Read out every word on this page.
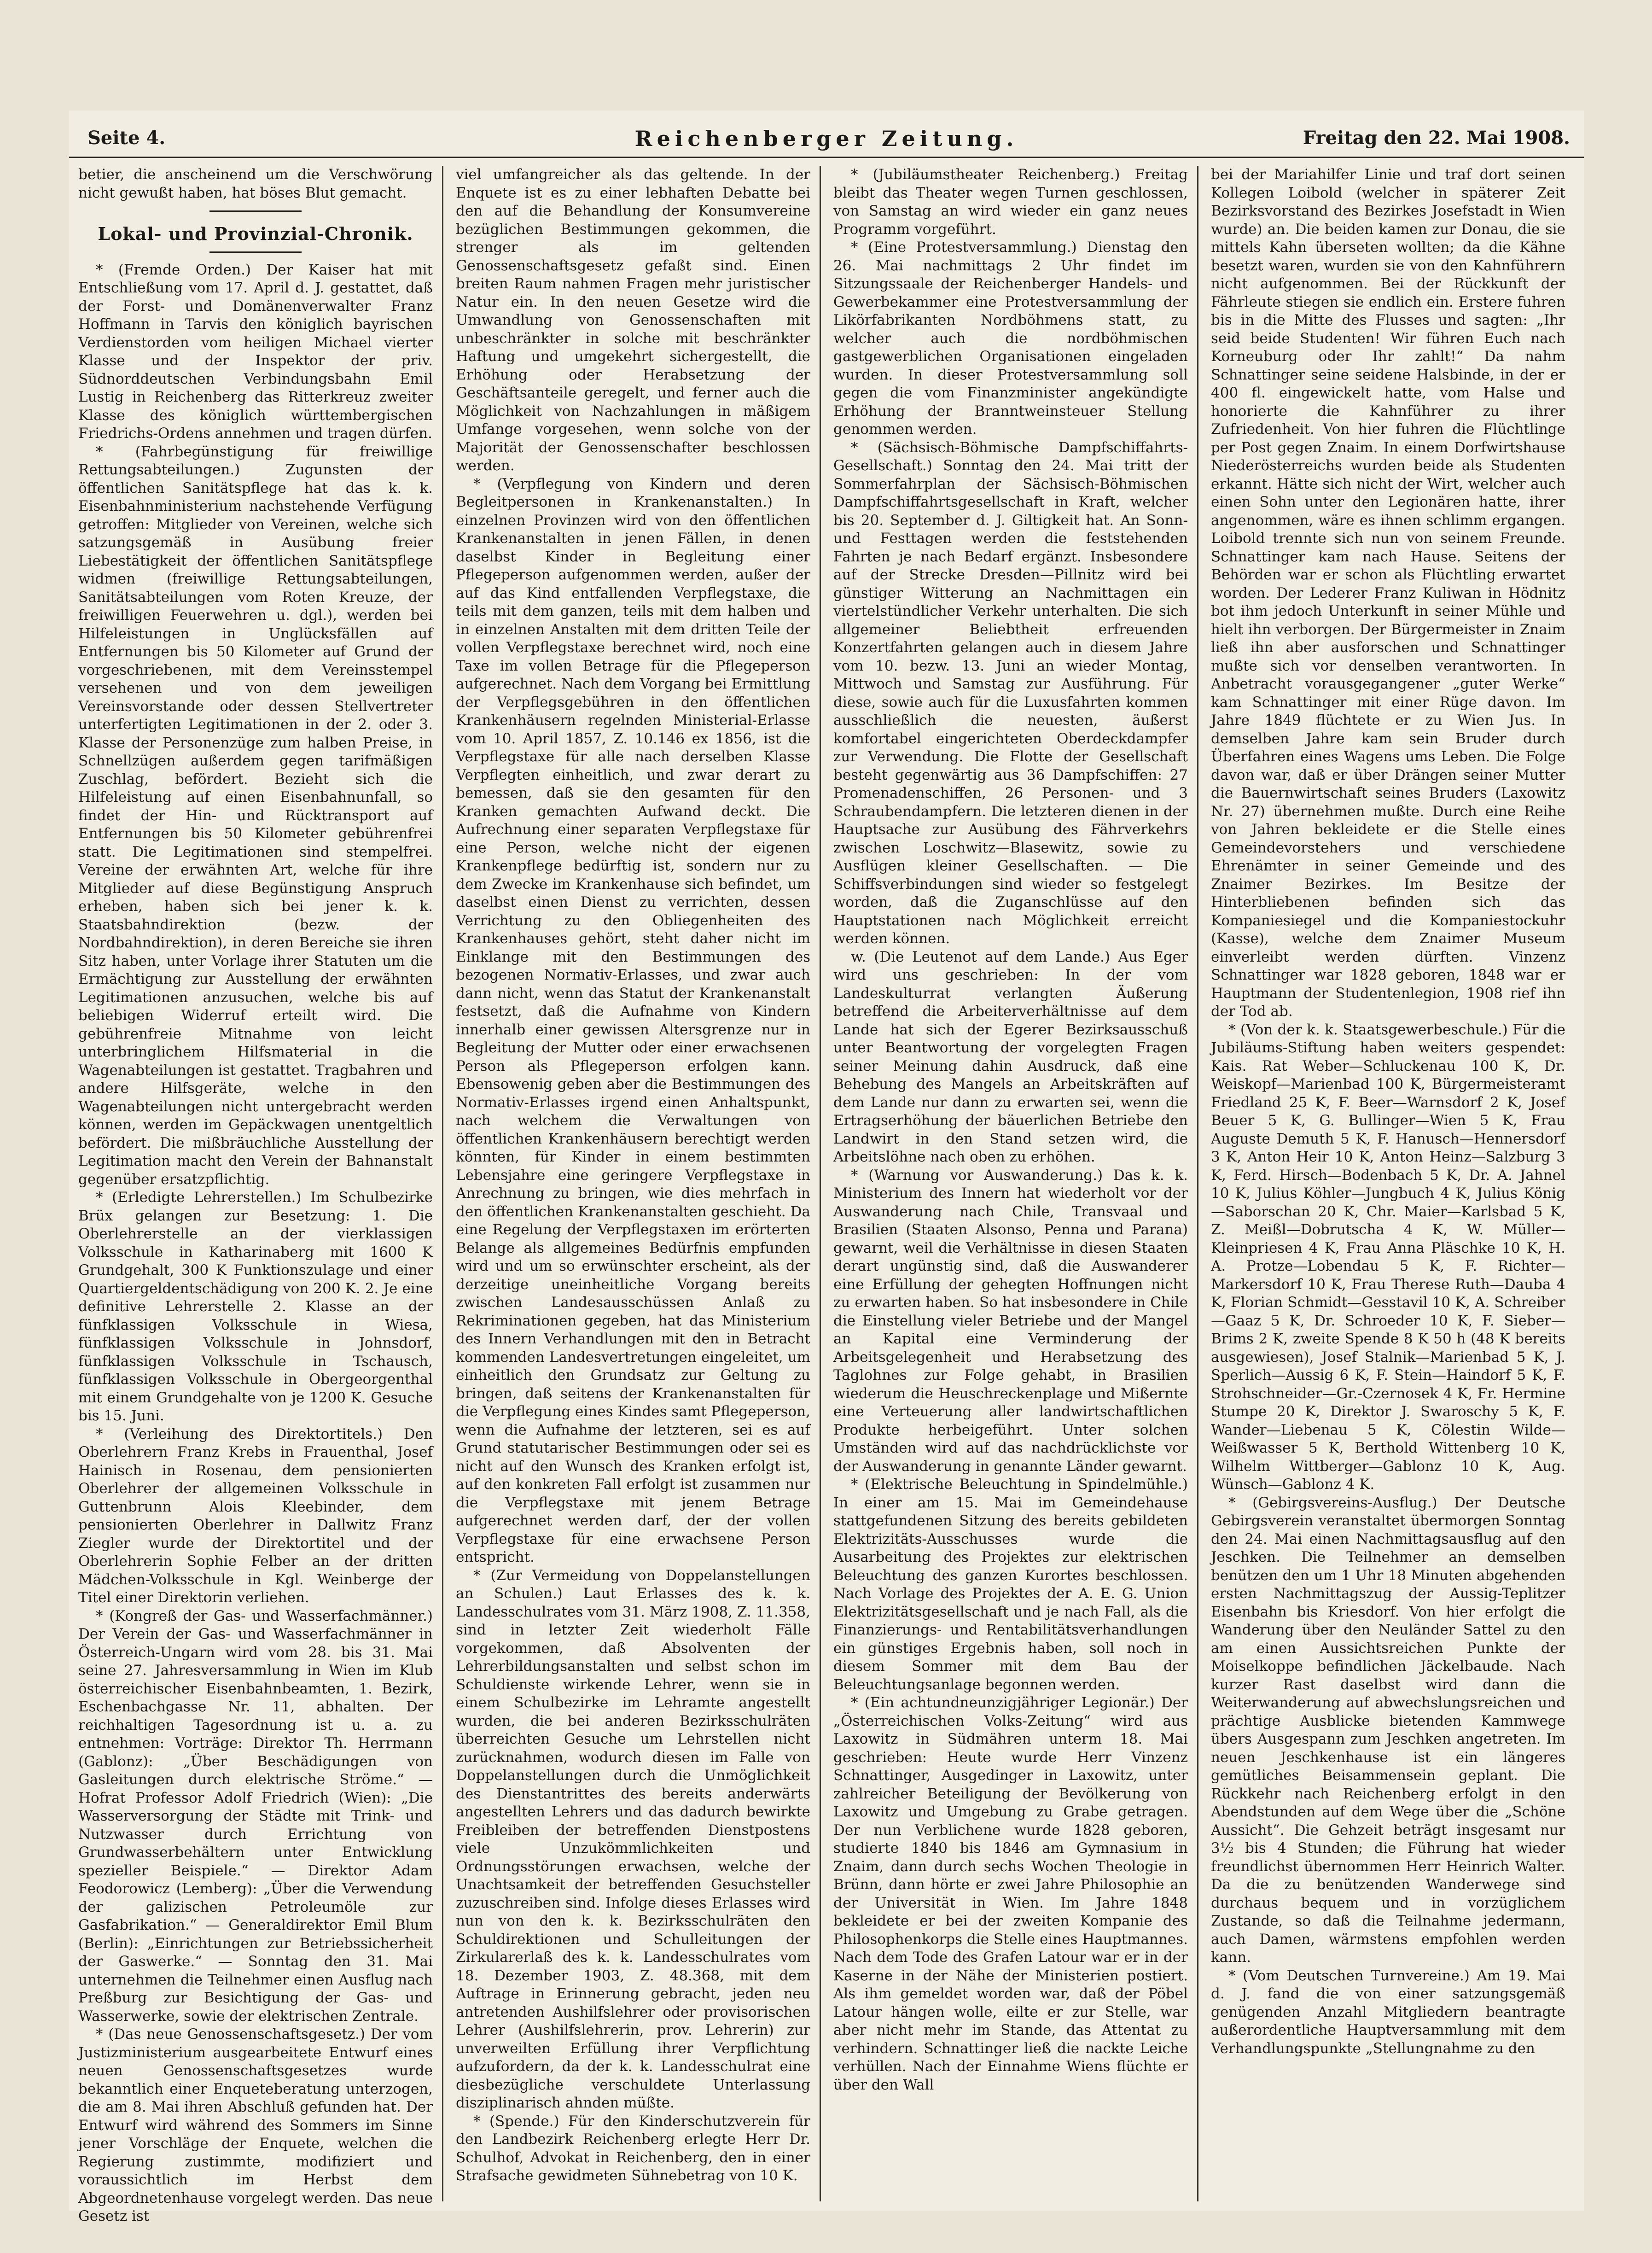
Seite 4.	Reichenberger Zeitung.	Freitag den 22. Mai 1908.

betier, die anscheinend um die Verschwörung nicht gewußt haben, hat böses Blut gemacht.

Lokal- und Provinzial-Chronik.

* (Fremde Orden.) Der Kaiser hat mit Entschließung vom 17. April d. J. gestattet, daß der Forst- und Domänenverwalter Franz Hoffmann in Tarvis den königlich bayrischen Verdienstorden vom heiligen Michael vierter Klasse und der Inspektor der priv. Südnorddeutschen Verbindungsbahn Emil Lustig in Reichenberg das Ritterkreuz zweiter Klasse des königlich württembergischen Friedrichs-Ordens annehmen und tragen dürfen.

* (Fahrbegünstigung für freiwillige Rettungsabteilungen.) Zugunsten der öffentlichen Sanitätspflege hat das k. k. Eisenbahnministerium nachstehende Verfügung getroffen: Mitglieder von Vereinen, welche sich satzungsgemäß in Ausübung freier Liebestätigkeit der öffentlichen Sanitätspflege widmen (freiwillige Rettungsabteilungen, Sanitätsabteilungen vom Roten Kreuze, der freiwilligen Feuerwehren u. dgl.), werden bei Hilfeleistungen in Unglücksfällen auf Entfernungen bis 50 Kilometer auf Grund der vorgeschriebenen, mit dem Vereinsstempel versehenen und von dem jeweiligen Vereinsvorstande oder dessen Stellvertreter unterfertigten Legitimationen in der 2. oder 3. Klasse der Personenzüge zum halben Preise, in Schnellzügen außerdem gegen tarifmäßigen Zuschlag, befördert. Bezieht sich die Hilfeleistung auf einen Eisenbahnunfall, so findet der Hin- und Rücktransport auf Entfernungen bis 50 Kilometer gebührenfrei statt. Die Legitimationen sind stempelfrei. Vereine der erwähnten Art, welche für ihre Mitglieder auf diese Begünstigung Anspruch erheben, haben sich bei jener k. k. Staatsbahndirektion (bezw. der Nordbahndirektion), in deren Bereiche sie ihren Sitz haben, unter Vorlage ihrer Statuten um die Ermächtigung zur Ausstellung der erwähnten Legitimationen anzusuchen, welche bis auf beliebigen Widerruf erteilt wird. Die gebührenfreie Mitnahme von leicht unterbringlichem Hilfsmaterial in die Wagenabteilungen ist gestattet. Tragbahren und andere Hilfsgeräte, welche in den Wagenabteilungen nicht untergebracht werden können, werden im Gepäckwagen unentgeltlich befördert. Die mißbräuchliche Ausstellung der Legitimation macht den Verein der Bahnanstalt gegenüber ersatzpflichtig.

* (Erledigte Lehrerstellen.) Im Schulbezirke Brüx gelangen zur Besetzung: 1. Die Oberlehrerstelle an der vierklassigen Volksschule in Katharinaberg mit 1600 K Grundgehalt, 300 K Funktionszulage und einer Quartiergeldentschädigung von 200 K. 2. Je eine definitive Lehrerstelle 2. Klasse an der fünfklassigen Volksschule in Wiesa, fünfklassigen Volksschule in Johnsdorf, fünfklassigen Volksschule in Tschausch, fünfklassigen Volksschule in Obergeorgenthal mit einem Grundgehalte von je 1200 K. Gesuche bis 15. Juni.

* (Verleihung des Direktortitels.) Den Oberlehrern Franz Krebs in Frauenthal, Josef Hainisch in Rosenau, dem pensionierten Oberlehrer der allgemeinen Volksschule in Guttenbrunn Alois Kleebinder, dem pensionierten Oberlehrer in Dallwitz Franz Ziegler wurde der Direktortitel und der Oberlehrerin Sophie Felber an der dritten Mädchen-Volksschule in Kgl. Weinberge der Titel einer Direktorin verliehen.

* (Kongreß der Gas- und Wasserfachmänner.) Der Verein der Gas- und Wasserfachmänner in Österreich-Ungarn wird vom 28. bis 31. Mai seine 27. Jahresversammlung in Wien im Klub österreichischer Eisenbahnbeamten, 1. Bezirk, Eschenbachgasse Nr. 11, abhalten. Der reichhaltigen Tagesordnung ist u. a. zu entnehmen: Vorträge: Direktor Th. Herrmann (Gablonz): „Über Beschädigungen von Gasleitungen durch elektrische Ströme.“ — Hofrat Professor Adolf Friedrich (Wien): „Die Wasserversorgung der Städte mit Trink- und Nutzwasser durch Errichtung von Grundwasserbehältern unter Entwicklung spezieller Beispiele.“ — Direktor Adam Feodorowicz (Lemberg): „Über die Verwendung der galizischen Petroleumöle zur Gasfabrikation.“ — Generaldirektor Emil Blum (Berlin): „Einrichtungen zur Betriebssicherheit der Gaswerke.“ — Sonntag den 31. Mai unternehmen die Teilnehmer einen Ausflug nach Preßburg zur Besichtigung der Gas- und Wasserwerke, sowie der elektrischen Zentrale.

* (Das neue Genossenschaftsgesetz.) Der vom Justizministerium ausgearbeitete Entwurf eines neuen Genossenschaftsgesetzes wurde bekanntlich einer Enqueteberatung unterzogen, die am 8. Mai ihren Abschluß gefunden hat. Der Entwurf wird während des Sommers im Sinne jener Vorschläge der Enquete, welchen die Regierung zustimmte, modifiziert und voraussichtlich im Herbst dem Abgeordnetenhause vorgelegt werden. Das neue Gesetz ist

viel umfangreicher als das geltende. In der Enquete ist es zu einer lebhaften Debatte bei den auf die Behandlung der Konsumvereine bezüglichen Bestimmungen gekommen, die strenger als im geltenden Genossenschaftsgesetz gefaßt sind. Einen breiten Raum nahmen Fragen mehr juristischer Natur ein. In den neuen Gesetze wird die Umwandlung von Genossenschaften mit unbeschränkter in solche mit beschränkter Haftung und umgekehrt sichergestellt, die Erhöhung oder Herabsetzung der Geschäftsanteile geregelt, und ferner auch die Möglichkeit von Nachzahlungen in mäßigem Umfange vorgesehen, wenn solche von der Majorität der Genossenschafter beschlossen werden.

* (Verpflegung von Kindern und deren Begleitpersonen in Krankenanstalten.) In einzelnen Provinzen wird von den öffentlichen Krankenanstalten in jenen Fällen, in denen daselbst Kinder in Begleitung einer Pflegeperson aufgenommen werden, außer der auf das Kind entfallenden Verpflegstaxe, die teils mit dem ganzen, teils mit dem halben und in einzelnen Anstalten mit dem dritten Teile der vollen Verpflegstaxe berechnet wird, noch eine Taxe im vollen Betrage für die Pflegeperson aufgerechnet. Nach dem Vorgang bei Ermittlung der Verpflegsgebühren in den öffentlichen Krankenhäusern regelnden Ministerial-Erlasse vom 10. April 1857, Z. 10.146 ex 1856, ist die Verpflegstaxe für alle nach derselben Klasse Verpflegten einheitlich, und zwar derart zu bemessen, daß sie den gesamten für den Kranken gemachten Aufwand deckt. Die Aufrechnung einer separaten Verpflegstaxe für eine Person, welche nicht der eigenen Krankenpflege bedürftig ist, sondern nur zu dem Zwecke im Krankenhause sich befindet, um daselbst einen Dienst zu verrichten, dessen Verrichtung zu den Obliegenheiten des Krankenhauses gehört, steht daher nicht im Einklange mit den Bestimmungen des bezogenen Normativ-Erlasses, und zwar auch dann nicht, wenn das Statut der Krankenanstalt festsetzt, daß die Aufnahme von Kindern innerhalb einer gewissen Altersgrenze nur in Begleitung der Mutter oder einer erwachsenen Person als Pflegeperson erfolgen kann. Ebensowenig geben aber die Bestimmungen des Normativ-Erlasses irgend einen Anhaltspunkt, nach welchem die Verwaltungen von öffentlichen Krankenhäusern berechtigt werden könnten, für Kinder in einem bestimmten Lebensjahre eine geringere Verpflegstaxe in Anrechnung zu bringen, wie dies mehrfach in den öffentlichen Krankenanstalten geschieht. Da eine Regelung der Verpflegstaxen im erörterten Belange als allgemeines Bedürfnis empfunden wird und um so erwünschter erscheint, als der derzeitige uneinheitliche Vorgang bereits zwischen Landesausschüssen Anlaß zu Rekriminationen gegeben, hat das Ministerium des Innern Verhandlungen mit den in Betracht kommenden Landesvertretungen eingeleitet, um einheitlich den Grundsatz zur Geltung zu bringen, daß seitens der Krankenanstalten für die Verpflegung eines Kindes samt Pflegeperson, wenn die Aufnahme der letzteren, sei es auf Grund statutarischer Bestimmungen oder sei es nicht auf den Wunsch des Kranken erfolgt ist, auf den konkreten Fall erfolgt ist zusammen nur die Verpflegstaxe mit jenem Betrage aufgerechnet werden darf, der der vollen Verpflegstaxe für eine erwachsene Person entspricht.

* (Zur Vermeidung von Doppelanstellungen an Schulen.) Laut Erlasses des k. k. Landesschulrates vom 31. März 1908, Z. 11.358, sind in letzter Zeit wiederholt Fälle vorgekommen, daß Absolventen der Lehrerbildungsanstalten und selbst schon im Schuldienste wirkende Lehrer, wenn sie in einem Schulbezirke im Lehramte angestellt wurden, die bei anderen Bezirksschulräten überreichten Gesuche um Lehrstellen nicht zurücknahmen, wodurch diesen im Falle von Doppelanstellungen durch die Unmöglichkeit des Dienstantrittes des bereits anderwärts angestellten Lehrers und das dadurch bewirkte Freibleiben der betreffenden Dienstpostens viele Unzukömmlichkeiten und Ordnungsstörungen erwachsen, welche der Unachtsamkeit der betreffenden Gesuchsteller zuzuschreiben sind. Infolge dieses Erlasses wird nun von den k. k. Bezirksschulräten den Schuldirektionen und Schulleitungen der Zirkularerlaß des k. k. Landesschulrates vom 18. Dezember 1903, Z. 48.368, mit dem Auftrage in Erinnerung gebracht, jeden neu antretenden Aushilfslehrer oder provisorischen Lehrer (Aushilfslehrerin, prov. Lehrerin) zur unverweilten Erfüllung ihrer Verpflichtung aufzufordern, da der k. k. Landesschulrat eine diesbezügliche verschuldete Unterlassung disziplinarisch ahnden müßte.

* (Spende.) Für den Kinderschutzverein für den Landbezirk Reichenberg erlegte Herr Dr. Schulhof, Advokat in Reichenberg, den in einer Strafsache gewidmeten Sühnebetrag von 10 K.

* (Jubiläumstheater Reichenberg.) Freitag bleibt das Theater wegen Turnen geschlossen, von Samstag an wird wieder ein ganz neues Programm vorgeführt.

* (Eine Protestversammlung.) Dienstag den 26. Mai nachmittags 2 Uhr findet im Sitzungssaale der Reichenberger Handels- und Gewerbekammer eine Protestversammlung der Likörfabrikanten Nordböhmens statt, zu welcher auch die nordböhmischen gastgewerblichen Organisationen eingeladen wurden. In dieser Protestversammlung soll gegen die vom Finanzminister angekündigte Erhöhung der Branntweinsteuer Stellung genommen werden.

* (Sächsisch-Böhmische Dampfschiffahrts-Gesellschaft.) Sonntag den 24. Mai tritt der Sommerfahrplan der Sächsisch-Böhmischen Dampfschiffahrtsgesellschaft in Kraft, welcher bis 20. September d. J. Giltigkeit hat. An Sonn- und Festtagen werden die feststehenden Fahrten je nach Bedarf ergänzt. Insbesondere auf der Strecke Dresden—Pillnitz wird bei günstiger Witterung an Nachmittagen ein viertelstündlicher Verkehr unterhalten. Die sich allgemeiner Beliebtheit erfreuenden Konzertfahrten gelangen auch in diesem Jahre vom 10. bezw. 13. Juni an wieder Montag, Mittwoch und Samstag zur Ausführung. Für diese, sowie auch für die Luxusfahrten kommen ausschließlich die neuesten, äußerst komfortabel eingerichteten Oberdeckdampfer zur Verwendung. Die Flotte der Gesellschaft besteht gegenwärtig aus 36 Dampfschiffen: 27 Promenadenschiffen, 26 Personen- und 3 Schraubendampfern. Die letzteren dienen in der Hauptsache zur Ausübung des Fährverkehrs zwischen Loschwitz—Blasewitz, sowie zu Ausflügen kleiner Gesellschaften. — Die Schiffsverbindungen sind wieder so festgelegt worden, daß die Zuganschlüsse auf den Hauptstationen nach Möglichkeit erreicht werden können.

w. (Die Leutenot auf dem Lande.) Aus Eger wird uns geschrieben: In der vom Landeskulturrat verlangten Äußerung betreffend die Arbeiterverhältnisse auf dem Lande hat sich der Egerer Bezirksausschuß unter Beantwortung der vorgelegten Fragen seiner Meinung dahin Ausdruck, daß eine Behebung des Mangels an Arbeitskräften auf dem Lande nur dann zu erwarten sei, wenn die Ertragserhöhung der bäuerlichen Betriebe den Landwirt in den Stand setzen wird, die Arbeitslöhne nach oben zu erhöhen.

* (Warnung vor Auswanderung.) Das k. k. Ministerium des Innern hat wiederholt vor der Auswanderung nach Chile, Transvaal und Brasilien (Staaten Alsonso, Penna und Parana) gewarnt, weil die Verhältnisse in diesen Staaten derart ungünstig sind, daß die Auswanderer eine Erfüllung der gehegten Hoffnungen nicht zu erwarten haben. So hat insbesondere in Chile die Einstellung vieler Betriebe und der Mangel an Kapital eine Verminderung der Arbeitsgelegenheit und Herabsetzung des Taglohnes zur Folge gehabt, in Brasilien wiederum die Heuschreckenplage und Mißernte eine Verteuerung aller landwirtschaftlichen Produkte herbeigeführt. Unter solchen Umständen wird auf das nachdrücklichste vor der Auswanderung in genannte Länder gewarnt.

* (Elektrische Beleuchtung in Spindelmühle.) In einer am 15. Mai im Gemeindehause stattgefundenen Sitzung des bereits gebildeten Elektrizitäts-Ausschusses wurde die Ausarbeitung des Projektes zur elektrischen Beleuchtung des ganzen Kurortes beschlossen. Nach Vorlage des Projektes der A. E. G. Union Elektrizitätsgesellschaft und je nach Fall, als die Finanzierungs- und Rentabilitätsverhandlungen ein günstiges Ergebnis haben, soll noch in diesem Sommer mit dem Bau der Beleuchtungsanlage begonnen werden.

* (Ein achtundneunzigjähriger Legionär.) Der „Österreichischen Volks-Zeitung“ wird aus Laxowitz in Südmähren unterm 18. Mai geschrieben: Heute wurde Herr Vinzenz Schnattinger, Ausgedinger in Laxowitz, unter zahlreicher Beteiligung der Bevölkerung von Laxowitz und Umgebung zu Grabe getragen. Der nun Verblichene wurde 1828 geboren, studierte 1840 bis 1846 am Gymnasium in Znaim, dann durch sechs Wochen Theologie in Brünn, dann hörte er zwei Jahre Philosophie an der Universität in Wien. Im Jahre 1848 bekleidete er bei der zweiten Kompanie des Philosophenkorps die Stelle eines Hauptmannes. Nach dem Tode des Grafen Latour war er in der Kaserne in der Nähe der Ministerien postiert. Als ihm gemeldet worden war, daß der Pöbel Latour hängen wolle, eilte er zur Stelle, war aber nicht mehr im Stande, das Attentat zu verhindern. Schnattinger ließ die nackte Leiche verhüllen. Nach der Einnahme Wiens flüchte er über den Wall

bei der Mariahilfer Linie und traf dort seinen Kollegen Loibold (welcher in späterer Zeit Bezirksvorstand des Bezirkes Josefstadt in Wien wurde) an. Die beiden kamen zur Donau, die sie mittels Kahn überseten wollten; da die Kähne besetzt waren, wurden sie von den Kahnführern nicht aufgenommen. Bei der Rückkunft der Fährleute stiegen sie endlich ein. Erstere fuhren bis in die Mitte des Flusses und sagten: „Ihr seid beide Studenten! Wir führen Euch nach Korneuburg oder Ihr zahlt!“ Da nahm Schnattinger seine seidene Halsbinde, in der er 400 fl. eingewickelt hatte, vom Halse und honorierte die Kahnführer zu ihrer Zufriedenheit. Von hier fuhren die Flüchtlinge per Post gegen Znaim. In einem Dorfwirtshause Niederösterreichs wurden beide als Studenten erkannt. Hätte sich nicht der Wirt, welcher auch einen Sohn unter den Legionären hatte, ihrer angenommen, wäre es ihnen schlimm ergangen. Loibold trennte sich nun von seinem Freunde. Schnattinger kam nach Hause. Seitens der Behörden war er schon als Flüchtling erwartet worden. Der Lederer Franz Kuliwan in Hödnitz bot ihm jedoch Unterkunft in seiner Mühle und hielt ihn verborgen. Der Bürgermeister in Znaim ließ ihn aber ausforschen und Schnattinger mußte sich vor denselben verantworten. In Anbetracht vorausgegangener „guter Werke“ kam Schnattinger mit einer Rüge davon. Im Jahre 1849 flüchtete er zu Wien Jus. In demselben Jahre kam sein Bruder durch Überfahren eines Wagens ums Leben. Die Folge davon war, daß er über Drängen seiner Mutter die Bauernwirtschaft seines Bruders (Laxowitz Nr. 27) übernehmen mußte. Durch eine Reihe von Jahren bekleidete er die Stelle eines Gemeindevorstehers und verschiedene Ehrenämter in seiner Gemeinde und des Znaimer Bezirkes. Im Besitze der Hinterbliebenen befinden sich das Kompaniesiegel und die Kompaniestockuhr (Kasse), welche dem Znaimer Museum einverleibt werden dürften. Vinzenz Schnattinger war 1828 geboren, 1848 war er Hauptmann der Studentenlegion, 1908 rief ihn der Tod ab.

* (Von der k. k. Staatsgewerbeschule.) Für die Jubiläums-Stiftung haben weiters gespendet: Kais. Rat Weber—Schluckenau 100 K, Dr. Weiskopf—Marienbad 100 K, Bürgermeisteramt Friedland 25 K, F. Beer—Warnsdorf 2 K, Josef Beuer 5 K, G. Bullinger—Wien 5 K, Frau Auguste Demuth 5 K, F. Hanusch—Hennersdorf 3 K, Anton Heir 10 K, Anton Heinz—Salzburg 3 K, Ferd. Hirsch—Bodenbach 5 K, Dr. A. Jahnel 10 K, Julius Köhler—Jungbuch 4 K, Julius König—Saborschan 20 K, Chr. Maier—Karlsbad 5 K, Z. Meißl—Dobrutscha 4 K, W. Müller—Kleinpriesen 4 K, Frau Anna Pläschke 10 K, H. A. Protze—Lobendau 5 K, F. Richter—Markersdorf 10 K, Frau Therese Ruth—Dauba 4 K, Florian Schmidt—Gesstavil 10 K, A. Schreiber—Gaaz 5 K, Dr. Schroeder 10 K, F. Sieber—Brims 2 K, zweite Spende 8 K 50 h (48 K bereits ausgewiesen), Josef Stalnik—Marienbad 5 K, J. Sperlich—Aussig 6 K, F. Stein—Haindorf 5 K, F. Strohschneider—Gr.-Czernosek 4 K, Fr. Hermine Stumpe 20 K, Direktor J. Swaroschy 5 K, F. Wander—Liebenau 5 K, Cölestin Wilde—Weißwasser 5 K, Berthold Wittenberg 10 K, Wilhelm Wittberger—Gablonz 10 K, Aug. Wünsch—Gablonz 4 K.

* (Gebirgsvereins-Ausflug.) Der Deutsche Gebirgsverein veranstaltet übermorgen Sonntag den 24. Mai einen Nachmittagsausflug auf den Jeschken. Die Teilnehmer an demselben benützen den um 1 Uhr 18 Minuten abgehenden ersten Nachmittagszug der Aussig-Teplitzer Eisenbahn bis Kriesdorf. Von hier erfolgt die Wanderung über den Neuländer Sattel zu den am einen Aussichtsreichen Punkte der Moiselkoppe befindlichen Jäckelbaude. Nach kurzer Rast daselbst wird dann die Weiterwanderung auf abwechslungsreichen und prächtige Ausblicke bietenden Kammwege übers Ausgespann zum Jeschken angetreten. Im neuen Jeschkenhause ist ein längeres gemütliches Beisammensein geplant. Die Rückkehr nach Reichenberg erfolgt in den Abendstunden auf dem Wege über die „Schöne Aussicht“. Die Gehzeit beträgt insgesamt nur 3½ bis 4 Stunden; die Führung hat wieder freundlichst übernommen Herr Heinrich Walter. Da die zu benützenden Wanderwege sind durchaus bequem und in vorzüglichem Zustande, so daß die Teilnahme jedermann, auch Damen, wärmstens empfohlen werden kann.

* (Vom Deutschen Turnvereine.) Am 19. Mai d. J. fand die von einer satzungsgemäß genügenden Anzahl Mitgliedern beantragte außerordentliche Hauptversammlung mit dem Verhandlungspunkte „Stellungnahme zu den
